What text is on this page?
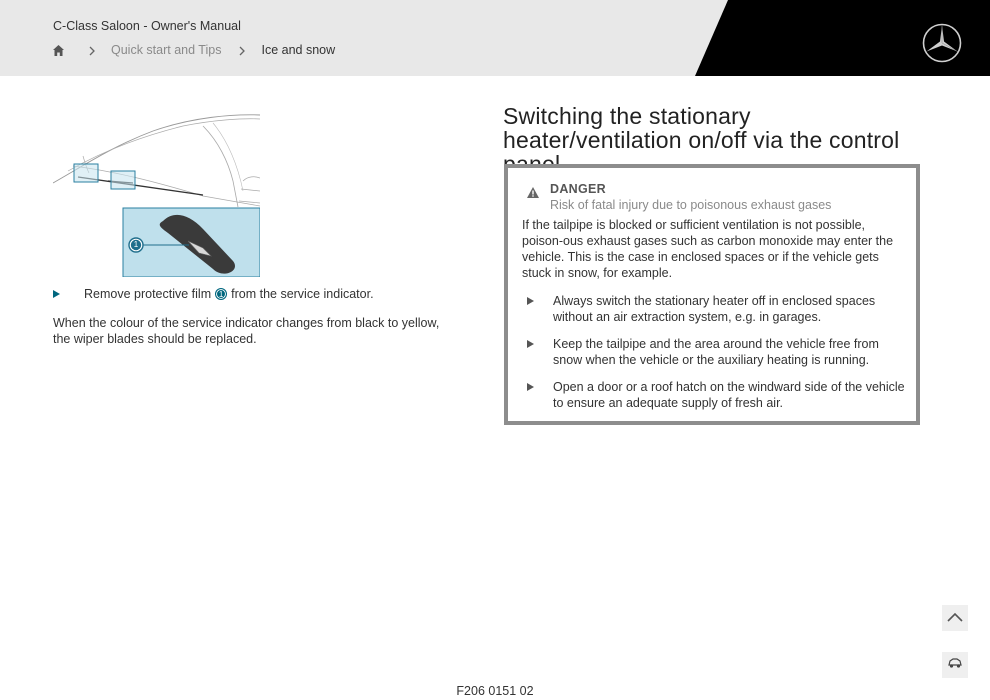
C-Class Saloon - Owner's Manual
Quick start and Tips	Ice and snow
1
Remove protective film 1 from the service indicator.

When the colour of the service indicator changes from black to yellow, the wiper blades should be replaced.

Switching the stationary heater/ventilation on/off via the control
DANGER
Risk of fatal injury due to poisonous exhaust gases

If the tailpipe is blocked or sufficient ventilation is not possible, poison-ous exhaust gases such as carbon monoxide may enter the vehicle. This is the case in enclosed spaces or if the vehicle gets stuck in snow, for example.

Always switch the stationary heater off in enclosed spaces without an air extraction system, e.g. in garages.
Keep the tailpipe and the area around the vehicle free from snow when the vehicle or the auxiliary heating is running.
Open a door or a roof hatch on the windward side of the vehicle to ensure an adequate supply of fresh air.
F206 0151 02
